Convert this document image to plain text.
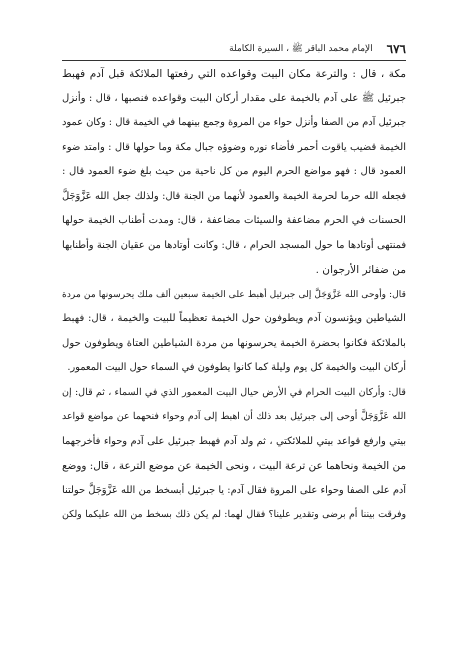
٦٧٦
الإمام محمد الباقر ﷺ ، السيرة الكاملة
مكة ، قال : والترعة مكان البيت وقواعده التي رفعتها الملائكة قبل آدم فهبط
جبرئيل ﷺ على آدم بالخيمة على مقدار أركان البيت وقواعده فنصبها ، قال : وأنزل
جبرئيل آدم من الصفا وأنزل حواء من المروة وجمع بينهما في الخيمة قال : وكان عمود
الخيمة قضيب ياقوت أحمر فأضاء نوره وضوؤه جبال مكة وما حولها قال : وامتد ضوء
العمود قال : فهو مواضع الحرم اليوم من كل ناحية من حيث بلغ ضوء العمود قال :
فجعله الله حرما لحرمة الخيمة والعمود لأنهما من الجنة قال: ولذلك جعل الله عَزَّوَجَلَّ
الحسنات في الحرم مضاعفة والسيئات مضاعفة ، قال: ومدت أطناب الخيمة حولها
فمنتهى أوتادها ما حول المسجد الحرام ، قال: وكانت أوتادها من عقيان الجنة وأطنابها
من ضفائر الأرجوان .
قال: وأوحى الله عَزَّوَجَلَّ إلى جبرئيل أهبط على الخيمة سبعين ألف ملك يحرسونها من مردة
الشياطين ويؤنسون آدم ويطوفون حول الخيمة تعظيماً للبيت والخيمة ، قال: فهبط
بالملائكة فكانوا بحضرة الخيمة يحرسونها من مردة الشياطين العتاة ويطوفون حول
أركان البيت والخيمة كل يوم وليلة كما كانوا يطوفون في السماء حول البيت المعمور.
قال: وأركان البيت الحرام في الأرض حيال البيت المعمور الذي في السماء ، ثم قال: إن
الله عَزَّوَجَلَّ أوحى إلى جبرئيل بعد ذلك أن اهبط إلى آدم وحواء فنحهما عن مواضع قواعد
بيتي وارفع قواعد بيتي للملائكتي ، ثم ولد آدم فهبط جبرئيل على آدم وحواء فأخرجهما
من الخيمة ونحاهما عن ترعة البيت ، ونحى الخيمة عن موضع الترعة ، قال: ووضع
آدم على الصفا وحواء على المروة فقال آدم: يا جبرئيل أبسخط من الله عَزَّوَجَلَّ حولتنا
وفرقت بيننا أم برضى وتقدير علينا؟ فقال لهما: لم يكن ذلك بسخط من الله عليكما ولكن
